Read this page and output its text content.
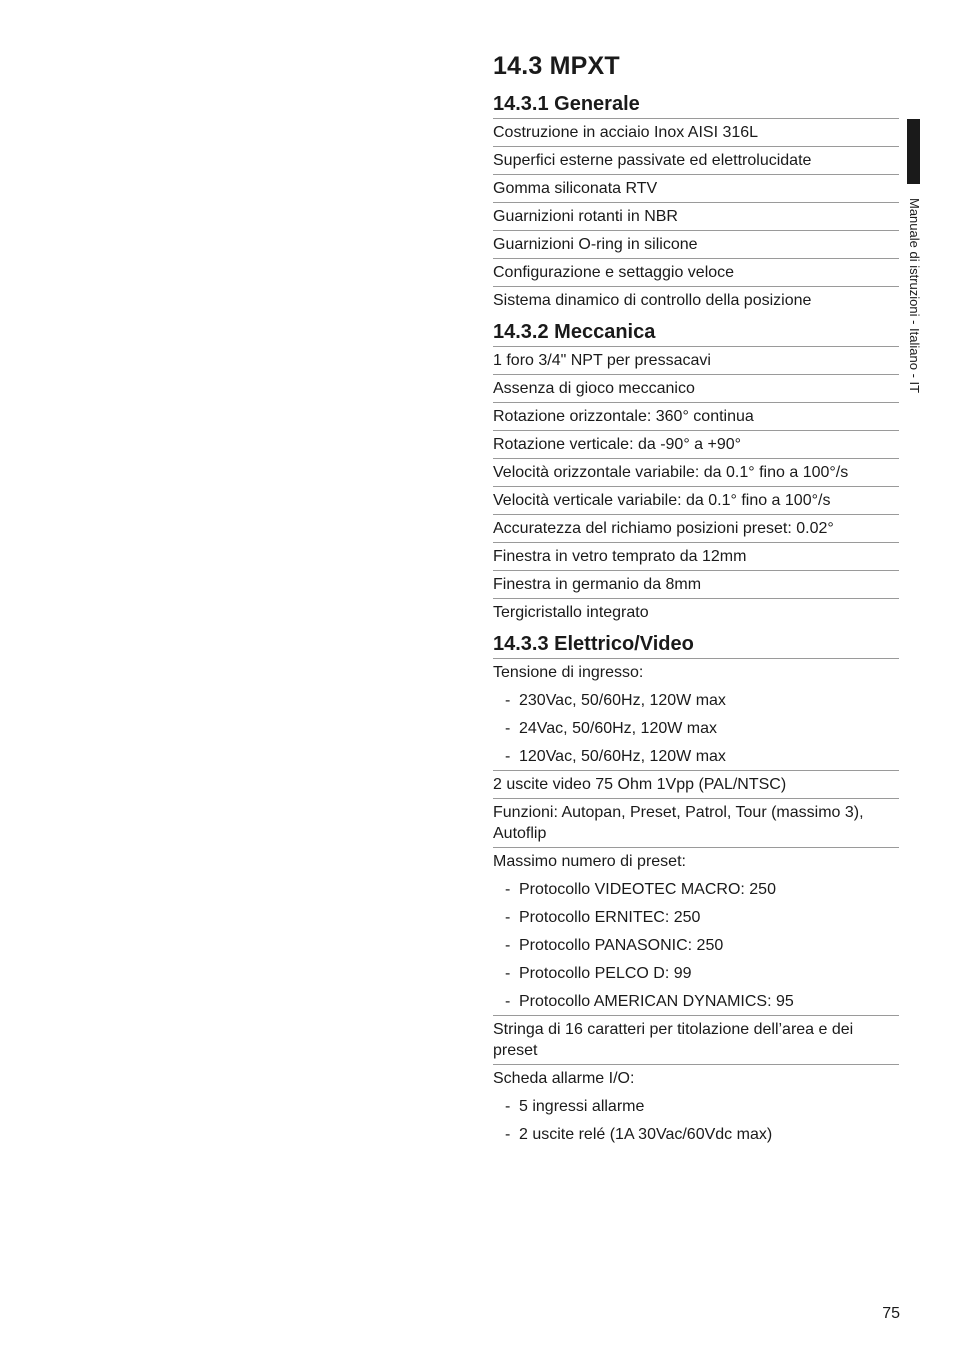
Manuale di istruzioni - Italiano - IT
14.3 MPXT
14.3.1 Generale
Costruzione in acciaio Inox AISI 316L
Superfici esterne passivate ed elettrolucidate
Gomma siliconata RTV
Guarnizioni rotanti in NBR
Guarnizioni O-ring in silicone
Configurazione e settaggio veloce
Sistema dinamico di controllo della posizione
14.3.2 Meccanica
1 foro 3/4" NPT per pressacavi
Assenza di gioco meccanico
Rotazione orizzontale: 360° continua
Rotazione verticale: da -90° a +90°
Velocità orizzontale variabile: da 0.1° fino a 100°/s
Velocità verticale variabile: da 0.1° fino a 100°/s
Accuratezza del richiamo posizioni preset: 0.02°
Finestra in vetro temprato da 12mm
Finestra in germanio da 8mm
Tergicristallo integrato
14.3.3 Elettrico/Video
Tensione di ingresso:
- 230Vac, 50/60Hz, 120W max
- 24Vac, 50/60Hz, 120W max
- 120Vac, 50/60Hz, 120W max
2 uscite video 75 Ohm 1Vpp (PAL/NTSC)
Funzioni: Autopan, Preset, Patrol, Tour (massimo 3), Autoflip
Massimo numero di preset:
- Protocollo VIDEOTEC MACRO: 250
- Protocollo ERNITEC: 250
- Protocollo PANASONIC: 250
- Protocollo PELCO D: 99
- Protocollo AMERICAN DYNAMICS: 95
Stringa di 16 caratteri per titolazione dell’area e dei preset
Scheda allarme I/O:
- 5 ingressi allarme
- 2 uscite relé (1A 30Vac/60Vdc max)
75
